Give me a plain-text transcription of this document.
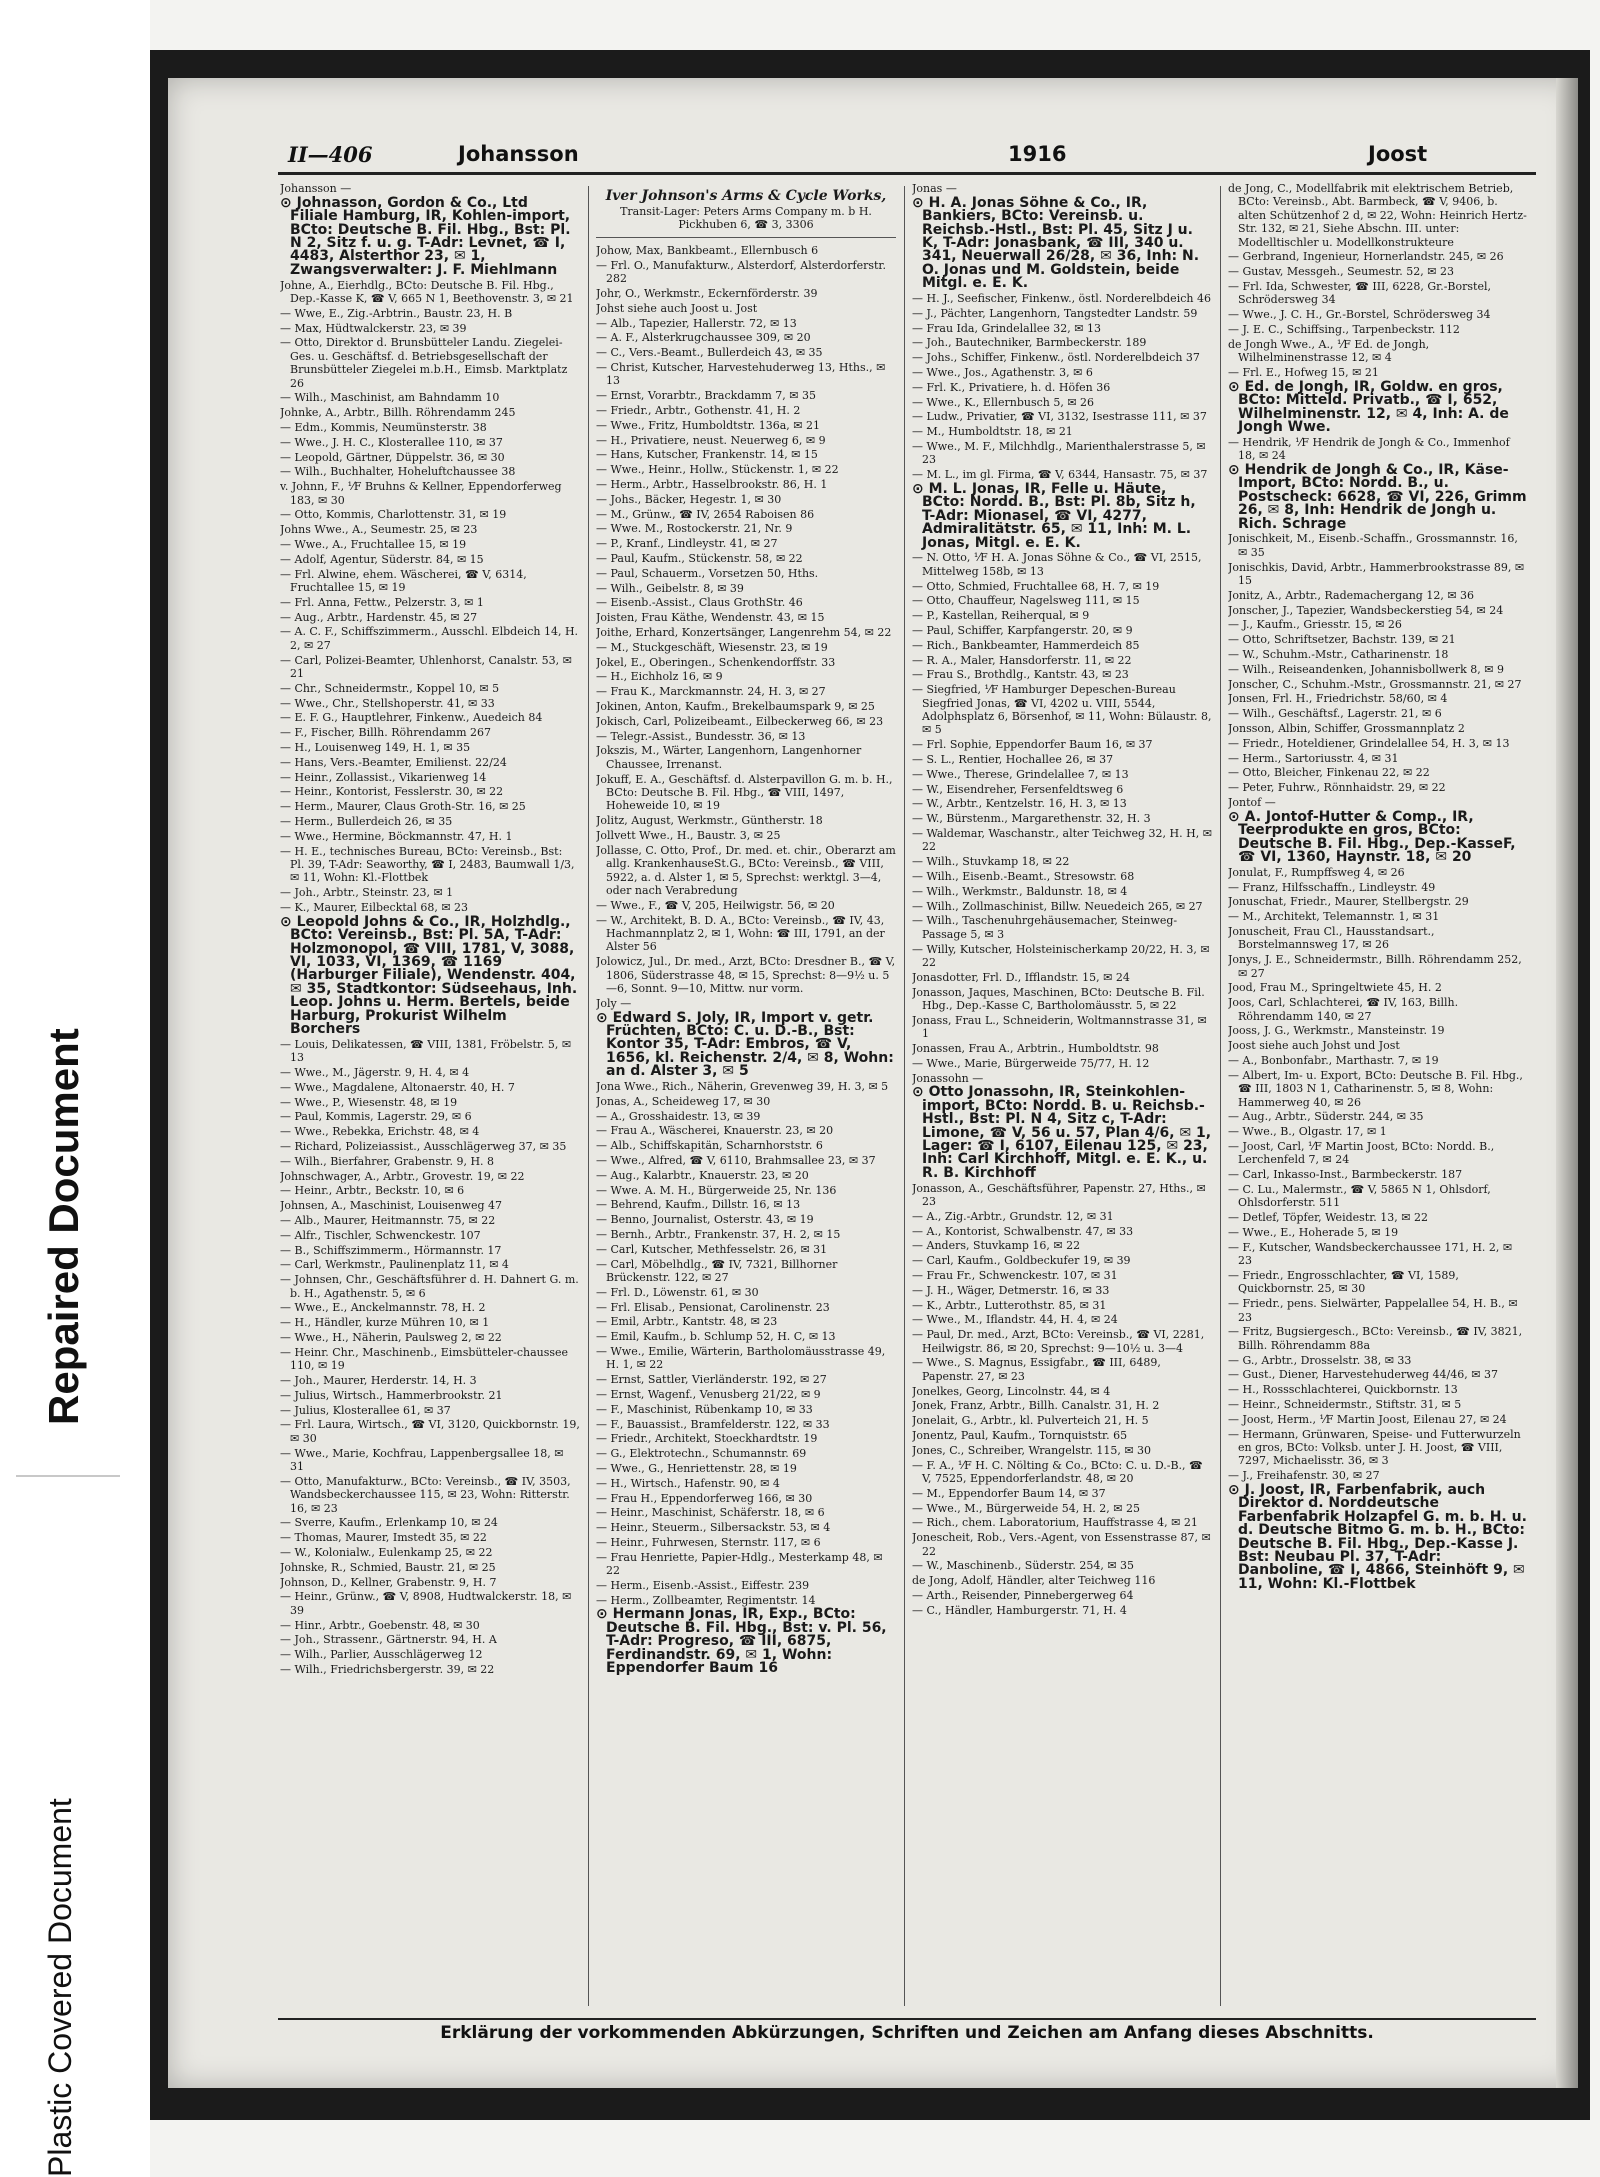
Repaired Document
Plastic Covered Document
II—406	Johansson	1916	Joost
Johansson —
⊙ Johnasson, Gordon & Co., Ltd Filiale Hamburg, IR, Kohlen-import, BCto: Deutsche B. Fil. Hbg., Bst: Pl. N 2, Sitz f. u. g. T-Adr: Levnet, ☎ I, 4483, Alsterthor 23, ✉ 1, Zwangsverwalter: J. F. Miehlmann
Johne, A., Eierhdlg., BCto: Deutsche B. Fil. Hbg., Dep.-Kasse K, ☎ V, 665 N 1, Beethovenstr. 3, ✉ 21
— Wwe, E., Zig.-Arbtrin., Baustr. 23, H. B
— Max, Hüdtwalckerstr. 23, ✉ 39
— Otto, Direktor d. Brunsbütteler Landu. Ziegelei-Ges. u. Geschäftsf. d. Betriebsgesellschaft der Brunsbütteler Ziegelei m.b.H., Eimsb. Marktplatz 26
— Wilh., Maschinist, am Bahndamm 10
Johnke, A., Arbtr., Billh. Röhrendamm 245
— Edm., Kommis, Neumünsterstr. 38
— Wwe., J. H. C., Klosterallee 110, ✉ 37
— Leopold, Gärtner, Düppelstr. 36, ✉ 30
— Wilh., Buchhalter, Hoheluftchaussee 38
v. Johnn, F., ⅟F Bruhns & Kellner, Eppendorferweg 183, ✉ 30
— Otto, Kommis, Charlottenstr. 31, ✉ 19
Johns Wwe., A., Seumestr. 25, ✉ 23
— Wwe., A., Fruchtallee 15, ✉ 19
— Adolf, Agentur, Süderstr. 84, ✉ 15
— Frl. Alwine, ehem. Wäscherei, ☎ V, 6314, Fruchtallee 15, ✉ 19
— Frl. Anna, Fettw., Pelzerstr. 3, ✉ 1
— Aug., Arbtr., Hardenstr. 45, ✉ 27
— A. C. F., Schiffszimmerm., Ausschl. Elbdeich 14, H. 2, ✉ 27
— Carl, Polizei-Beamter, Uhlenhorst, Canalstr. 53, ✉ 21
— Chr., Schneidermstr., Koppel 10, ✉ 5
— Wwe., Chr., Stellshoperstr. 41, ✉ 33
— E. F. G., Hauptlehrer, Finkenw., Auedeich 84
— F., Fischer, Billh. Röhrendamm 267
— H., Louisenweg 149, H. 1, ✉ 35
— Hans, Vers.-Beamter, Emilienst. 22/24
— Heinr., Zollassist., Vikarienweg 14
— Heinr., Kontorist, Fesslerstr. 30, ✉ 22
— Herm., Maurer, Claus Groth-Str. 16, ✉ 25
— Herm., Bullerdeich 26, ✉ 35
— Wwe., Hermine, Böckmannstr. 47, H. 1
— H. E., technisches Bureau, BCto: Vereinsb., Bst: Pl. 39, T-Adr: Seaworthy, ☎ I, 2483, Baumwall 1/3, ✉ 11, Wohn: Kl.-Flottbek
— Joh., Arbtr., Steinstr. 23, ✉ 1
— K., Maurer, Eilbecktal 68, ✉ 23
⊙ Leopold Johns & Co., IR, Holzhdlg., BCto: Vereinsb., Bst: Pl. 5A, T-Adr: Holzmonopol, ☎ VIII, 1781, V, 3088, VI, 1033, VI, 1369, ☎ 1169 (Harburger Filiale), Wendenstr. 404, ✉ 35, Stadtkontor: Südseehaus, Inh. Leop. Johns u. Herm. Bertels, beide Harburg, Prokurist Wilhelm Borchers
— Louis, Delikatessen, ☎ VIII, 1381, Fröbelstr. 5, ✉ 13
— Wwe., M., Jägerstr. 9, H. 4, ✉ 4
— Wwe., Magdalene, Altonaerstr. 40, H. 7
— Wwe., P., Wiesenstr. 48, ✉ 19
— Paul, Kommis, Lagerstr. 29, ✉ 6
— Wwe., Rebekka, Erichstr. 48, ✉ 4
— Richard, Polizeiassist., Ausschlägerweg 37, ✉ 35
— Wilh., Bierfahrer, Grabenstr. 9, H. 8
Johnschwager, A., Arbtr., Grovestr. 19, ✉ 22
— Heinr., Arbtr., Beckstr. 10, ✉ 6
Johnsen, A., Maschinist, Louisenweg 47
— Alb., Maurer, Heitmannstr. 75, ✉ 22
— Alfr., Tischler, Schwenckestr. 107
— B., Schiffszimmerm., Hörmannstr. 17
— Carl, Werkmstr., Paulinenplatz 11, ✉ 4
— Johnsen, Chr., Geschäftsführer d. H. Dahnert G. m. b. H., Agathenstr. 5, ✉ 6
— Wwe., E., Anckelmannstr. 78, H. 2
— H., Händler, kurze Mühren 10, ✉ 1
— Wwe., H., Näherin, Paulsweg 2, ✉ 22
— Heinr. Chr., Maschinenb., Eimsbütteler-chaussee 110, ✉ 19
— Joh., Maurer, Herderstr. 14, H. 3
— Julius, Wirtsch., Hammerbrookstr. 21
— Julius, Klosterallee 61, ✉ 37
— Frl. Laura, Wirtsch., ☎ VI, 3120, Quickbornstr. 19, ✉ 30
— Wwe., Marie, Kochfrau, Lappenbergsallee 18, ✉ 31
— Otto, Manufakturw., BCto: Vereinsb., ☎ IV, 3503, Wandsbeckerchaussee 115, ✉ 23, Wohn: Ritterstr. 16, ✉ 23
— Sverre, Kaufm., Erlenkamp 10, ✉ 24
— Thomas, Maurer, Imstedt 35, ✉ 22
— W., Kolonialw., Eulenkamp 25, ✉ 22
Johnske, R., Schmied, Baustr. 21, ✉ 25
Johnson, D., Kellner, Grabenstr. 9, H. 7
— Heinr., Grünw., ☎ V, 8908, Hudtwalckerstr. 18, ✉ 39
— Hinr., Arbtr., Goebenstr. 48, ✉ 30
— Joh., Strassenr., Gärtnerstr. 94, H. A
— Wilh., Parlier, Ausschlägerweg 12
— Wilh., Friedrichsbergerstr. 39, ✉ 22
Iver Johnson's Arms & Cycle Works,
Transit-Lager: Peters Arms Company m. b H. Pickhuben 6, ☎ 3, 3306
Johow, Max, Bankbeamt., Ellernbusch 6
— Frl. O., Manufakturw., Alsterdorf, Alsterdorferstr. 282
Johr, O., Werkmstr., Eckernförderstr. 39
Johst siehe auch Joost u. Jost
— Alb., Tapezier, Hallerstr. 72, ✉ 13
— A. F., Alsterkrugchaussee 309, ✉ 20
— C., Vers.-Beamt., Bullerdeich 43, ✉ 35
— Christ, Kutscher, Harvestehuderweg 13, Hths., ✉ 13
— Ernst, Vorarbtr., Brackdamm 7, ✉ 35
— Friedr., Arbtr., Gothenstr. 41, H. 2
— Wwe., Fritz, Humboldtstr. 136a, ✉ 21
— H., Privatiere, neust. Neuerweg 6, ✉ 9
— Hans, Kutscher, Frankenstr. 14, ✉ 15
— Wwe., Heinr., Hollw., Stückenstr. 1, ✉ 22
— Herm., Arbtr., Hasselbrookstr. 86, H. 1
— Johs., Bäcker, Hegestr. 1, ✉ 30
— M., Grünw., ☎ IV, 2654 Raboisen 86
— Wwe. M., Rostockerstr. 21, Nr. 9
— P., Kranf., Lindleystr. 41, ✉ 27
— Paul, Kaufm., Stückenstr. 58, ✉ 22
— Paul, Schauerm., Vorsetzen 50, Hths.
— Wilh., Geibelstr. 8, ✉ 39
— Eisenb.-Assist., Claus GrothStr. 46
Joisten, Frau Käthe, Wendenstr. 43, ✉ 15
Joithe, Erhard, Konzertsänger, Langenrehm 54, ✉ 22
— M., Stuckgeschäft, Wiesenstr. 23, ✉ 19
Jokel, E., Oberingen., Schenkendorffstr. 33
— H., Eichholz 16, ✉ 9
— Frau K., Marckmannstr. 24, H. 3, ✉ 27
Jokinen, Anton, Kaufm., Brekelbaumspark 9, ✉ 25
Jokisch, Carl, Polizeibeamt., Eilbeckerweg 66, ✉ 23
— Telegr.-Assist., Bundesstr. 36, ✉ 13
Jokszis, M., Wärter, Langenhorn, Langenhorner Chaussee, Irrenanst.
Jokuff, E. A., Geschäftsf. d. Alsterpavillon G. m. b. H., BCto: Deutsche B. Fil. Hbg., ☎ VIII, 1497, Hoheweide 10, ✉ 19
Jolitz, August, Werkmstr., Güntherstr. 18
Jollvett Wwe., H., Baustr. 3, ✉ 25
Jollasse, C. Otto, Prof., Dr. med. et. chir., Oberarzt am allg. KrankenhauseSt.G., BCto: Vereinsb., ☎ VIII, 5922, a. d. Alster 1, ✉ 5, Sprechst: werktgl. 3—4, oder nach Verabredung
— Wwe., F., ☎ V, 205, Heilwigstr. 56, ✉ 20
— W., Architekt, B. D. A., BCto: Vereinsb., ☎ IV, 43, Hachmannplatz 2, ✉ 1, Wohn: ☎ III, 1791, an der Alster 56
Jolowicz, Jul., Dr. med., Arzt, BCto: Dresdner B., ☎ V, 1806, Süderstrasse 48, ✉ 15, Sprechst: 8—9½ u. 5—6, Sonnt. 9—10, Mittw. nur vorm.
Joly —
⊙ Edward S. Joly, IR, Import v. getr. Früchten, BCto: C. u. D.-B., Bst: Kontor 35, T-Adr: Embros, ☎ V, 1656, kl. Reichenstr. 2/4, ✉ 8, Wohn: an d. Alster 3, ✉ 5
Jona Wwe., Rich., Näherin, Grevenweg 39, H. 3, ✉ 5
Jonas, A., Scheideweg 17, ✉ 30
— A., Grosshaidestr. 13, ✉ 39
— Frau A., Wäscherei, Knauerstr. 23, ✉ 20
— Alb., Schiffskapitän, Scharnhorststr. 6
— Wwe., Alfred, ☎ V, 6110, Brahmsallee 23, ✉ 37
— Aug., Kalarbtr., Knauerstr. 23, ✉ 20
— Wwe. A. M. H., Bürgerweide 25, Nr. 136
— Behrend, Kaufm., Dillstr. 16, ✉ 13
— Benno, Journalist, Osterstr. 43, ✉ 19
— Bernh., Arbtr., Frankenstr. 37, H. 2, ✉ 15
— Carl, Kutscher, Methfesselstr. 26, ✉ 31
— Carl, Möbelhdlg., ☎ IV, 7321, Billhorner Brückenstr. 122, ✉ 27
— Frl. D., Löwenstr. 61, ✉ 30
— Frl. Elisab., Pensionat, Carolinenstr. 23
— Emil, Arbtr., Kantstr. 48, ✉ 23
— Emil, Kaufm., b. Schlump 52, H. C, ✉ 13
— Wwe., Emilie, Wärterin, Bartholomäusstrasse 49, H. 1, ✉ 22
— Ernst, Sattler, Vierländerstr. 192, ✉ 27
— Ernst, Wagenf., Venusberg 21/22, ✉ 9
— F., Maschinist, Rübenkamp 10, ✉ 33
— F., Bauassist., Bramfelderstr. 122, ✉ 33
— Friedr., Architekt, Stoeckhardtstr. 19
— G., Elektrotechn., Schumannstr. 69
— Wwe., G., Henriettenstr. 28, ✉ 19
— H., Wirtsch., Hafenstr. 90, ✉ 4
— Frau H., Eppendorferweg 166, ✉ 30
— Heinr., Maschinist, Schäferstr. 18, ✉ 6
— Heinr., Steuerm., Silbersackstr. 53, ✉ 4
— Heinr., Fuhrwesen, Sternstr. 117, ✉ 6
— Frau Henriette, Papier-Hdlg., Mesterkamp 48, ✉ 22
— Herm., Eisenb.-Assist., Eiffestr. 239
— Herm., Zollbeamter, Regimentstr. 14
⊙ Hermann Jonas, IR, Exp., BCto: Deutsche B. Fil. Hbg., Bst: v. Pl. 56, T-Adr: Progreso, ☎ III, 6875, Ferdinandstr. 69, ✉ 1, Wohn: Eppendorfer Baum 16
Jonas —
⊙ H. A. Jonas Söhne & Co., IR, Bankiers, BCto: Vereinsb. u. Reichsb.-Hstl., Bst: Pl. 45, Sitz J u. K, T-Adr: Jonasbank, ☎ III, 340 u. 341, Neuerwall 26/28, ✉ 36, Inh: N. O. Jonas und M. Goldstein, beide Mitgl. e. E. K.
— H. J., Seefischer, Finkenw., östl. Norderelbdeich 46
— J., Pächter, Langenhorn, Tangstedter Landstr. 59
— Frau Ida, Grindelallee 32, ✉ 13
— Joh., Bautechniker, Barmbeckerstr. 189
— Johs., Schiffer, Finkenw., östl. Norderelbdeich 37
— Wwe., Jos., Agathenstr. 3, ✉ 6
— Frl. K., Privatiere, h. d. Höfen 36
— Wwe., K., Ellernbusch 5, ✉ 26
— Ludw., Privatier, ☎ VI, 3132, Isestrasse 111, ✉ 37
— M., Humboldtstr. 18, ✉ 21
— Wwe., M. F., Milchhdlg., Marienthalerstrasse 5, ✉ 23
— M. L., im gl. Firma, ☎ V, 6344, Hansastr. 75, ✉ 37
⊙ M. L. Jonas, IR, Felle u. Häute, BCto: Nordd. B., Bst: Pl. 8b, Sitz h, T-Adr: Mionasel, ☎ VI, 4277, Admiralitätstr. 65, ✉ 11, Inh: M. L. Jonas, Mitgl. e. E. K.
— N. Otto, ⅟F H. A. Jonas Söhne & Co., ☎ VI, 2515, Mittelweg 158b, ✉ 13
— Otto, Schmied, Fruchtallee 68, H. 7, ✉ 19
— Otto, Chauffeur, Nagelsweg 111, ✉ 15
— P., Kastellan, Reiherqual, ✉ 9
— Paul, Schiffer, Karpfangerstr. 20, ✉ 9
— Rich., Bankbeamter, Hammerdeich 85
— R. A., Maler, Hansdorferstr. 11, ✉ 22
— Frau S., Brothdlg., Kantstr. 43, ✉ 23
— Siegfried, ⅟F Hamburger Depeschen-Bureau Siegfried Jonas, ☎ VI, 4202 u. VIII, 5544, Adolphsplatz 6, Börsenhof, ✉ 11, Wohn: Bülaustr. 8, ✉ 5
— Frl. Sophie, Eppendorfer Baum 16, ✉ 37
— S. L., Rentier, Hochallee 26, ✉ 37
— Wwe., Therese, Grindelallee 7, ✉ 13
— W., Eisendreher, Fersenfeldtsweg 6
— W., Arbtr., Kentzelstr. 16, H. 3, ✉ 13
— W., Bürstenm., Margarethenstr. 32, H. 3
— Waldemar, Waschanstr., alter Teichweg 32, H. H, ✉ 22
— Wilh., Stuvkamp 18, ✉ 22
— Wilh., Eisenb.-Beamt., Stresowstr. 68
— Wilh., Werkmstr., Baldunstr. 18, ✉ 4
— Wilh., Zollmaschinist, Billw. Neuedeich 265, ✉ 27
— Wilh., Taschenuhrgehäusemacher, Steinweg-Passage 5, ✉ 3
— Willy, Kutscher, Holsteinischerkamp 20/22, H. 3, ✉ 22
Jonasdotter, Frl. D., Ifflandstr. 15, ✉ 24
Jonasson, Jaques, Maschinen, BCto: Deutsche B. Fil. Hbg., Dep.-Kasse C, Bartholomäusstr. 5, ✉ 22
Jonass, Frau L., Schneiderin, Woltmannstrasse 31, ✉ 1
Jonassen, Frau A., Arbtrin., Humboldtstr. 98
— Wwe., Marie, Bürgerweide 75/77, H. 12
Jonassohn —
⊙ Otto Jonassohn, IR, Steinkohlen-import, BCto: Nordd. B. u. Reichsb.-Hstl., Bst: Pl. N 4, Sitz c, T-Adr: Limone, ☎ V, 56 u. 57, Plan 4/6, ✉ 1, Lager: ☎ I, 6107, Eilenau 125, ✉ 23, Inh: Carl Kirchhoff, Mitgl. e. E. K., u. R. B. Kirchhoff
Jonasson, A., Geschäftsführer, Papenstr. 27, Hths., ✉ 23
— A., Zig.-Arbtr., Grundstr. 12, ✉ 31
— A., Kontorist, Schwalbenstr. 47, ✉ 33
— Anders, Stuvkamp 16, ✉ 22
— Carl, Kaufm., Goldbeckufer 19, ✉ 39
— Frau Fr., Schwenckestr. 107, ✉ 31
— J. H., Wäger, Detmerstr. 16, ✉ 33
— K., Arbtr., Lutterothstr. 85, ✉ 31
— Wwe., M., Iflandstr. 44, H. 4, ✉ 24
— Paul, Dr. med., Arzt, BCto: Vereinsb., ☎ VI, 2281, Heilwigstr. 86, ✉ 20, Sprechst: 9—10½ u. 3—4
— Wwe., S. Magnus, Essigfabr., ☎ III, 6489, Papenstr. 27, ✉ 23
Jonelkes, Georg, Lincolnstr. 44, ✉ 4
Jonek, Franz, Arbtr., Billh. Canalstr. 31, H. 2
Jonelait, G., Arbtr., kl. Pulverteich 21, H. 5
Jonentz, Paul, Kaufm., Tornquiststr. 65
Jones, C., Schreiber, Wrangelstr. 115, ✉ 30
— F. A., ⅟F H. C. Nölting & Co., BCto: C. u. D.-B., ☎ V, 7525, Eppendorferlandstr. 48, ✉ 20
— M., Eppendorfer Baum 14, ✉ 37
— Wwe., M., Bürgerweide 54, H. 2, ✉ 25
— Rich., chem. Laboratorium, Hauffstrasse 4, ✉ 21
Jonescheit, Rob., Vers.-Agent, von Essenstrasse 87, ✉ 22
— W., Maschinenb., Süderstr. 254, ✉ 35
de Jong, Adolf, Händler, alter Teichweg 116
— Arth., Reisender, Pinnebergerweg 64
— C., Händler, Hamburgerstr. 71, H. 4
de Jong, C., Modellfabrik mit elektrischem Betrieb, BCto: Vereinsb., Abt. Barmbeck, ☎ V, 9406, b. alten Schützenhof 2 d, ✉ 22, Wohn: Heinrich Hertz-Str. 132, ✉ 21, Siehe Abschn. III. unter: Modelltischler u. Modellkonstrukteure
— Gerbrand, Ingenieur, Hornerlandstr. 245, ✉ 26
— Gustav, Messgeh., Seumestr. 52, ✉ 23
— Frl. Ida, Schwester, ☎ III, 6228, Gr.-Borstel, Schrödersweg 34
— Wwe., J. C. H., Gr.-Borstel, Schrödersweg 34
— J. E. C., Schiffsing., Tarpenbeckstr. 112
de Jongh Wwe., A., ⅟F Ed. de Jongh, Wilhelminenstrasse 12, ✉ 4
— Frl. E., Hofweg 15, ✉ 21
⊙ Ed. de Jongh, IR, Goldw. en gros, BCto: Mitteld. Privatb., ☎ I, 652, Wilhelminenstr. 12, ✉ 4, Inh: A. de Jongh Wwe.
— Hendrik, ⅟F Hendrik de Jongh & Co., Immenhof 18, ✉ 24
⊙ Hendrik de Jongh & Co., IR, Käse-Import, BCto: Nordd. B., u. Postscheck: 6628, ☎ VI, 226, Grimm 26, ✉ 8, Inh: Hendrik de Jongh u. Rich. Schrage
Jonischkeit, M., Eisenb.-Schaffn., Grossmannstr. 16, ✉ 35
Jonischkis, David, Arbtr., Hammerbrookstrasse 89, ✉ 15
Jonitz, A., Arbtr., Rademachergang 12, ✉ 36
Jonscher, J., Tapezier, Wandsbeckerstieg 54, ✉ 24
— J., Kaufm., Griesstr. 15, ✉ 26
— Otto, Schriftsetzer, Bachstr. 139, ✉ 21
— W., Schuhm.-Mstr., Catharinenstr. 18
— Wilh., Reiseandenken, Johannisbollwerk 8, ✉ 9
Jonscher, C., Schuhm.-Mstr., Grossmannstr. 21, ✉ 27
Jonsen, Frl. H., Friedrichstr. 58/60, ✉ 4
— Wilh., Geschäftsf., Lagerstr. 21, ✉ 6
Jonsson, Albin, Schiffer, Grossmannplatz 2
— Friedr., Hoteldiener, Grindelallee 54, H. 3, ✉ 13
— Herm., Sartoriusstr. 4, ✉ 31
— Otto, Bleicher, Finkenau 22, ✉ 22
— Peter, Fuhrw., Rönnhaidstr. 29, ✉ 22
Jontof —
⊙ A. Jontof-Hutter & Comp., IR, Teerprodukte en gros, BCto: Deutsche B. Fil. Hbg., Dep.-KasseF, ☎ VI, 1360, Haynstr. 18, ✉ 20
Jonulat, F., Rumpffsweg 4, ✉ 26
— Franz, Hilfsschaffn., Lindleystr. 49
Jonuschat, Friedr., Maurer, Stellbergstr. 29
— M., Architekt, Telemannstr. 1, ✉ 31
Jonuscheit, Frau Cl., Hausstandsart., Borstelmannsweg 17, ✉ 26
Jonys, J. E., Schneidermstr., Billh. Röhrendamm 252, ✉ 27
Jood, Frau M., Springeltwiete 45, H. 2
Joos, Carl, Schlachterei, ☎ IV, 163, Billh. Röhrendamm 140, ✉ 27
Jooss, J. G., Werkmstr., Mansteinstr. 19
Joost siehe auch Johst und Jost
— A., Bonbonfabr., Marthastr. 7, ✉ 19
— Albert, Im- u. Export, BCto: Deutsche B. Fil. Hbg., ☎ III, 1803 N 1, Catharinenstr. 5, ✉ 8, Wohn: Hammerweg 40, ✉ 26
— Aug., Arbtr., Süderstr. 244, ✉ 35
— Wwe., B., Olgastr. 17, ✉ 1
— Joost, Carl, ⅟F Martin Joost, BCto: Nordd. B., Lerchenfeld 7, ✉ 24
— Carl, Inkasso-Inst., Barmbeckerstr. 187
— C. Lu., Malermstr., ☎ V, 5865 N 1, Ohlsdorf, Ohlsdorferstr. 511
— Detlef, Töpfer, Weidestr. 13, ✉ 22
— Wwe., E., Hoherade 5, ✉ 19
— F., Kutscher, Wandsbeckerchaussee 171, H. 2, ✉ 23
— Friedr., Engrosschlachter, ☎ VI, 1589, Quickbornstr. 25, ✉ 30
— Friedr., pens. Sielwärter, Pappelallee 54, H. B., ✉ 23
— Fritz, Bugsiergesch., BCto: Vereinsb., ☎ IV, 3821, Billh. Röhrendamm 88a
— G., Arbtr., Drosselstr. 38, ✉ 33
— Gust., Diener, Harvestehuderweg 44/46, ✉ 37
— H., Rossschlachterei, Quickbornstr. 13
— Heinr., Schneidermstr., Stiftstr. 31, ✉ 5
— Joost, Herm., ⅟F Martin Joost, Eilenau 27, ✉ 24
— Hermann, Grünwaren, Speise- und Futterwurzeln en gros, BCto: Volksb. unter J. H. Joost, ☎ VIII, 7297, Michaelisstr. 36, ✉ 3
— J., Freihafenstr. 30, ✉ 27
⊙ J. Joost, IR, Farbenfabrik, auch Direktor d. Norddeutsche Farbenfabrik Holzapfel G. m. b. H. u. d. Deutsche Bitmo G. m. b. H., BCto: Deutsche B. Fil. Hbg., Dep.-Kasse J. Bst: Neubau Pl. 37, T-Adr: Danboline, ☎ I, 4866, Steinhöft 9, ✉ 11, Wohn: Kl.-Flottbek
Erklärung der vorkommenden Abkürzungen, Schriften und Zeichen am Anfang dieses Abschnitts.
